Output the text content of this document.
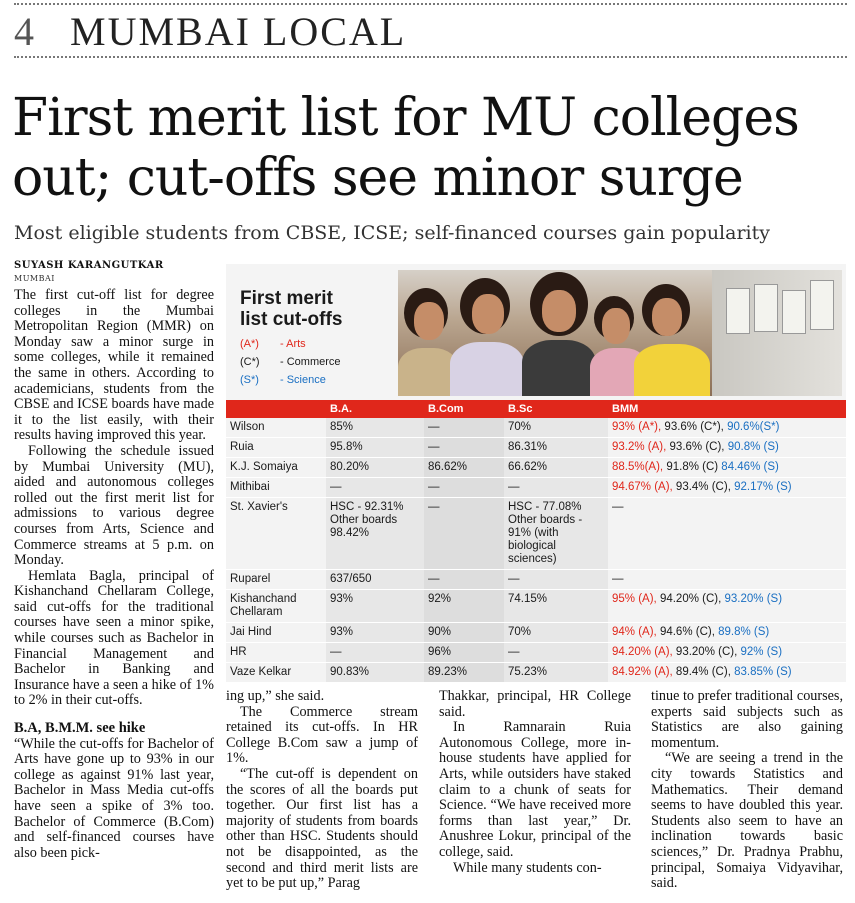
4 MUMBAI LOCAL
First merit list for MU colleges out; cut-offs see minor surge

Most eligible students from CBSE, ICSE; self-financed courses gain popularity

SUYASH KARANGUTKAR
MUMBAI

The first cut-off list for degree colleges in the Mumbai Metropolitan Region (MMR) on Monday saw a minor surge in some colleges, while it remained the same in others. According to academicians, students from the CBSE and ICSE boards have made it to the list easily, with their results having improved this year.

Following the schedule issued by Mumbai University (MU), aided and autonomous colleges rolled out the first merit list for admissions to various degree courses from Arts, Science and Commerce streams at 5 p.m. on Monday.

Hemlata Bagla, principal of Kishanchand Chellaram College, said cut-offs for the traditional courses have seen a minor spike, while courses such as Bachelor in Financial Management and Bachelor in Banking and Insurance have a seen a hike of 1% to 2% in their cut-offs.

B.A, B.M.M. see hike

“While the cut-offs for Bachelor of Arts have gone up to 93% in our college as against 91% last year, Bachelor in Mass Media cut-offs have seen a spike of 3% too. Bachelor of Commerce (B.Com) and self-financed courses have also been pick-

ing up,” she said.

The Commerce stream retained its cut-offs. In HR College B.Com saw a jump of 1%.

“The cut-off is dependent on the scores of all the boards put together. Our first list has a majority of students from boards other than HSC. Students should not be disappointed, as the second and third merit lists are yet to be put up,” Parag

Thakkar, principal, HR College said.

In Ramnarain Ruia Autonomous College, more in-house students have applied for Arts, while outsiders have staked claim to a chunk of seats for Science. “We have received more forms than last year,” Dr. Anushree Lokur, principal of the college, said.

While many students con-

tinue to prefer traditional courses, experts said subjects such as Statistics are also gaining momentum.

“We are seeing a trend in the city towards Statistics and Mathematics. Their demand seems to have doubled this year. Students also seem to have an inclination towards basic sciences,” Dr. Pradnya Prabhu, principal, Somaiya Vidyavihar, said.

First merit
list cut-offs
(A*) - Arts
(C*) - Commerce
(S*) - Science
	B.A.	B.Com	B.Sc	BMM
Wilson	85%	—	70%	93% (A*), 93.6% (C*), 90.6%(S*)
Ruia	95.8%	—	86.31%	93.2% (A), 93.6% (C), 90.8% (S)
K.J. Somaiya	80.20%	86.62%	66.62%	88.5%(A), 91.8% (C) 84.46% (S)
Mithibai	—	—	—	94.67% (A), 93.4% (C), 92.17% (S)
St. Xavier's	HSC - 92.31% Other boards 98.42%	—	HSC - 77.08% Other boards - 91% (with biological sciences)	—
Ruparel	637/650	—	—	—
Kishanchand Chellaram	93%	92%	74.15%	95% (A), 94.20% (C), 93.20% (S)
Jai Hind	93%	90%	70%	94% (A), 94.6% (C), 89.8% (S)
HR	—	96%	—	94.20% (A), 93.20% (C), 92% (S)
Vaze Kelkar	90.83%	89.23%	75.23%	84.92% (A), 89.4% (C), 83.85% (S)
